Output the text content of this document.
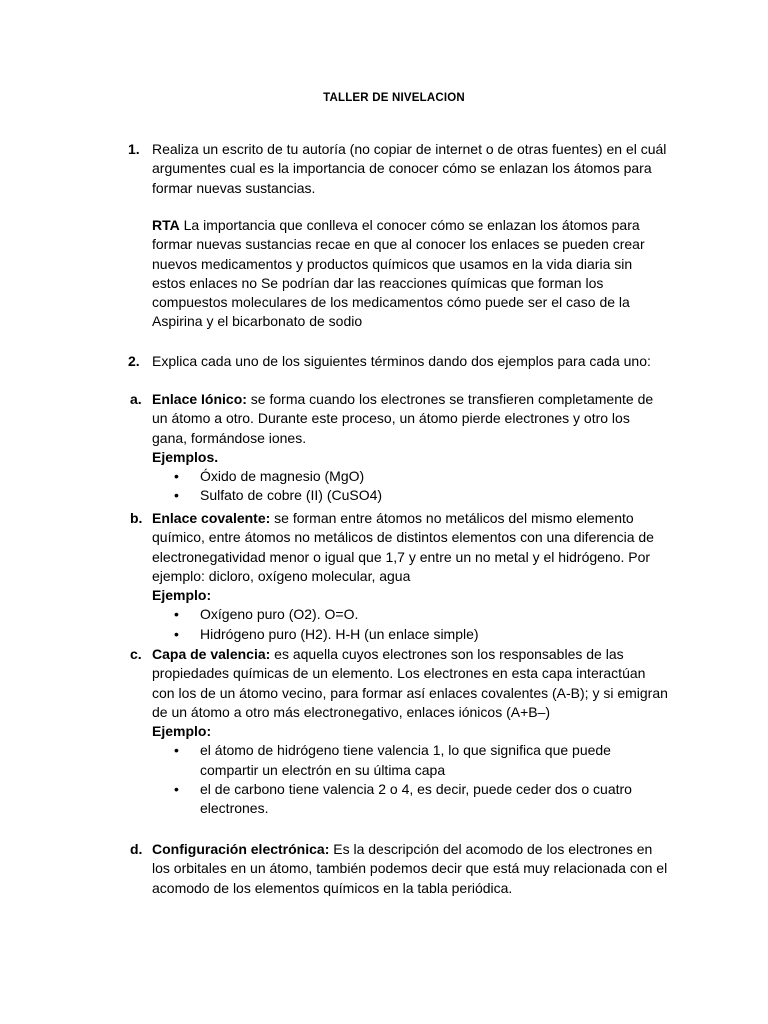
TALLER DE NIVELACION
1. Realiza un escrito de tu autoría (no copiar de internet o de otras fuentes) en el cuál argumentes cual es la importancia de conocer cómo se enlazan los átomos para formar nuevas sustancias.
RTA La importancia que conlleva el conocer cómo se enlazan los átomos para formar nuevas sustancias recae en que al conocer los enlaces se pueden crear nuevos medicamentos y productos químicos que usamos en la vida diaria sin estos enlaces no Se podrían dar las reacciones químicas que forman los compuestos moleculares de los medicamentos cómo puede ser el caso de la Aspirina y el bicarbonato de sodio
2. Explica cada uno de los siguientes términos dando dos ejemplos para cada uno:
a. Enlace Iónico: se forma cuando los electrones se transfieren completamente de un átomo a otro. Durante este proceso, un átomo pierde electrones y otro los gana, formándose iones.
Ejemplos.
• Óxido de magnesio (MgO)
• Sulfato de cobre (II) (CuSO4)
b. Enlace covalente: se forman entre átomos no metálicos del mismo elemento químico, entre átomos no metálicos de distintos elementos con una diferencia de electronegatividad menor o igual que 1,7 y entre un no metal y el hidrógeno. Por ejemplo: dicloro, oxígeno molecular, agua
Ejemplo:
• Oxígeno puro (O2). O=O.
• Hidrógeno puro (H2). H-H (un enlace simple)
c. Capa de valencia: es aquella cuyos electrones son los responsables de las propiedades químicas de un elemento. Los electrones en esta capa interactúan con los de un átomo vecino, para formar así enlaces covalentes (A-B); y si emigran de un átomo a otro más electronegativo, enlaces iónicos (A+B–)
Ejemplo:
• el átomo de hidrógeno tiene valencia 1, lo que significa que puede compartir un electrón en su última capa
• el de carbono tiene valencia 2 o 4, es decir, puede ceder dos o cuatro electrones.
d. Configuración electrónica: Es la descripción del acomodo de los electrones en los orbitales en un átomo, también podemos decir que está muy relacionada con el acomodo de los elementos químicos en la tabla periódica.
